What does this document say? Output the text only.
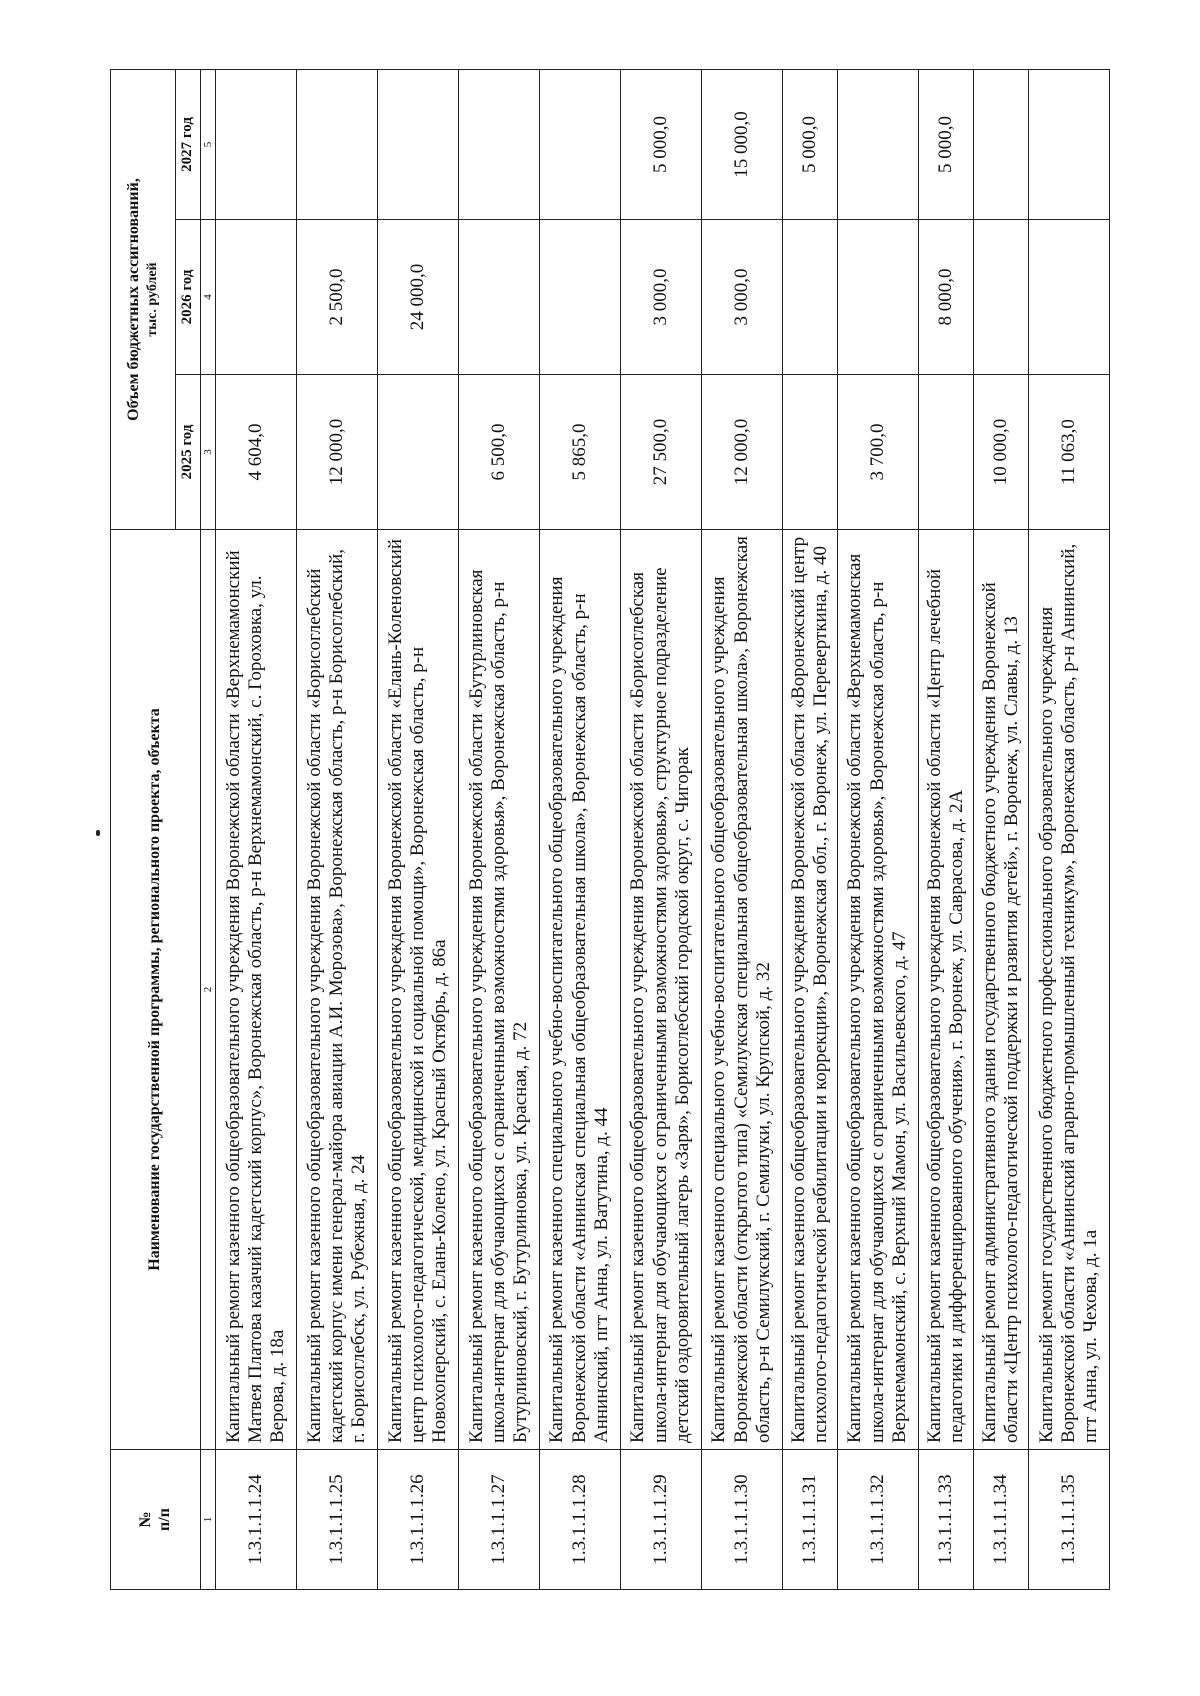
№
п/п	Наименование государственной программы, регионального проекта, объекта	Объем бюджетных ассигнований, тыс. рублей		
		2025 год	2026 год	2027 год
1	2	3	4	5
1.3.1.1.1.24	Капитальный ремонт казенного общеобразовательного учреждения Воронежской области «Верхнемамонский Матвея Платова казачий кадетский корпус», Воронежская область, р-н Верхнемамонский, с. Гороховка, ул. Верова, д. 18а	4 604,0		
1.3.1.1.1.25	Капитальный ремонт казенного общеобразовательного учреждения Воронежской области «Борисоглебский кадетский корпус имени генерал-майора авиации А.И. Морозова», Воронежская область, р-н Борисоглебский, г. Борисоглебск, ул. Рубежная, д. 24	12 000,0	2 500,0	
1.3.1.1.1.26	Капитальный ремонт казенного общеобразовательного учреждения Воронежской области «Елань-Коленовский центр психолого-педагогической, медицинской и социальной помощи», Воронежская область, р-н Новохоперский, с. Елань-Колено, ул. Красный Октябрь, д. 86а		24 000,0	
1.3.1.1.1.27	Капитальный ремонт казенного общеобразовательного учреждения Воронежской области «Бутурлиновская школа-интернат для обучающихся с ограниченными возможностями здоровья», Воронежская область, р-н Бутурлиновский, г. Бутурлиновка, ул. Красная, д. 72	6 500,0		
1.3.1.1.1.28	Капитальный ремонт казенного специального учебно-воспитательного общеобразовательного учреждения Воронежской области «Аннинская специальная общеобразовательная школа», Воронежская область, р-н Аннинский, пгт Анна, ул. Ватутина, д. 44	5 865,0		
1.3.1.1.1.29	Капитальный ремонт казенного общеобразовательного учреждения Воронежской области «Борисоглебская школа-интернат для обучающихся с ограниченными возможностями здоровья», структурное подразделение детский оздоровительный лагерь «Заря», Борисоглебский городской округ, с. Чигорак	27 500,0	3 000,0	5 000,0
1.3.1.1.1.30	Капитальный ремонт казенного специального учебно-воспитательного общеобразовательного учреждения Воронежской области (открытого типа) «Семилукская специальная общеобразовательная школа», Воронежская область, р-н Семилукский, г. Семилуки, ул. Крупской, д. 32	12 000,0	3 000,0	15 000,0
1.3.1.1.1.31	Капитальный ремонт казенного общеобразовательного учреждения Воронежской области «Воронежский центр психолого-педагогической реабилитации и коррекции», Воронежская обл., г. Воронеж, ул. Переверткина, д. 40			5 000,0
1.3.1.1.1.32	Капитальный ремонт казенного общеобразовательного учреждения Воронежской области «Верхнемамонская школа-интернат для обучающихся с ограниченными возможностями здоровья», Воронежская область, р-н Верхнемамонский, с. Верхний Мамон, ул. Васильевского, д. 47	3 700,0		
1.3.1.1.1.33	Капитальный ремонт казенного общеобразовательного учреждения Воронежской области «Центр лечебной педагогики и дифференцированного обучения», г. Воронеж, ул. Саврасова, д. 2А		8 000,0	5 000,0
1.3.1.1.1.34	Капитальный ремонт административного здания государственного бюджетного учреждения Воронежской области «Центр психолого-педагогической поддержки и развития детей», г. Воронеж, ул. Славы, д. 13	10 000,0		
1.3.1.1.1.35	Капитальный ремонт государственного бюджетного профессионального образовательного учреждения Воронежской области «Аннинский аграрно-промышленный техникум», Воронежская область, р-н Аннинский, пгт Анна, ул. Чехова, д. 1а	11 063,0		
